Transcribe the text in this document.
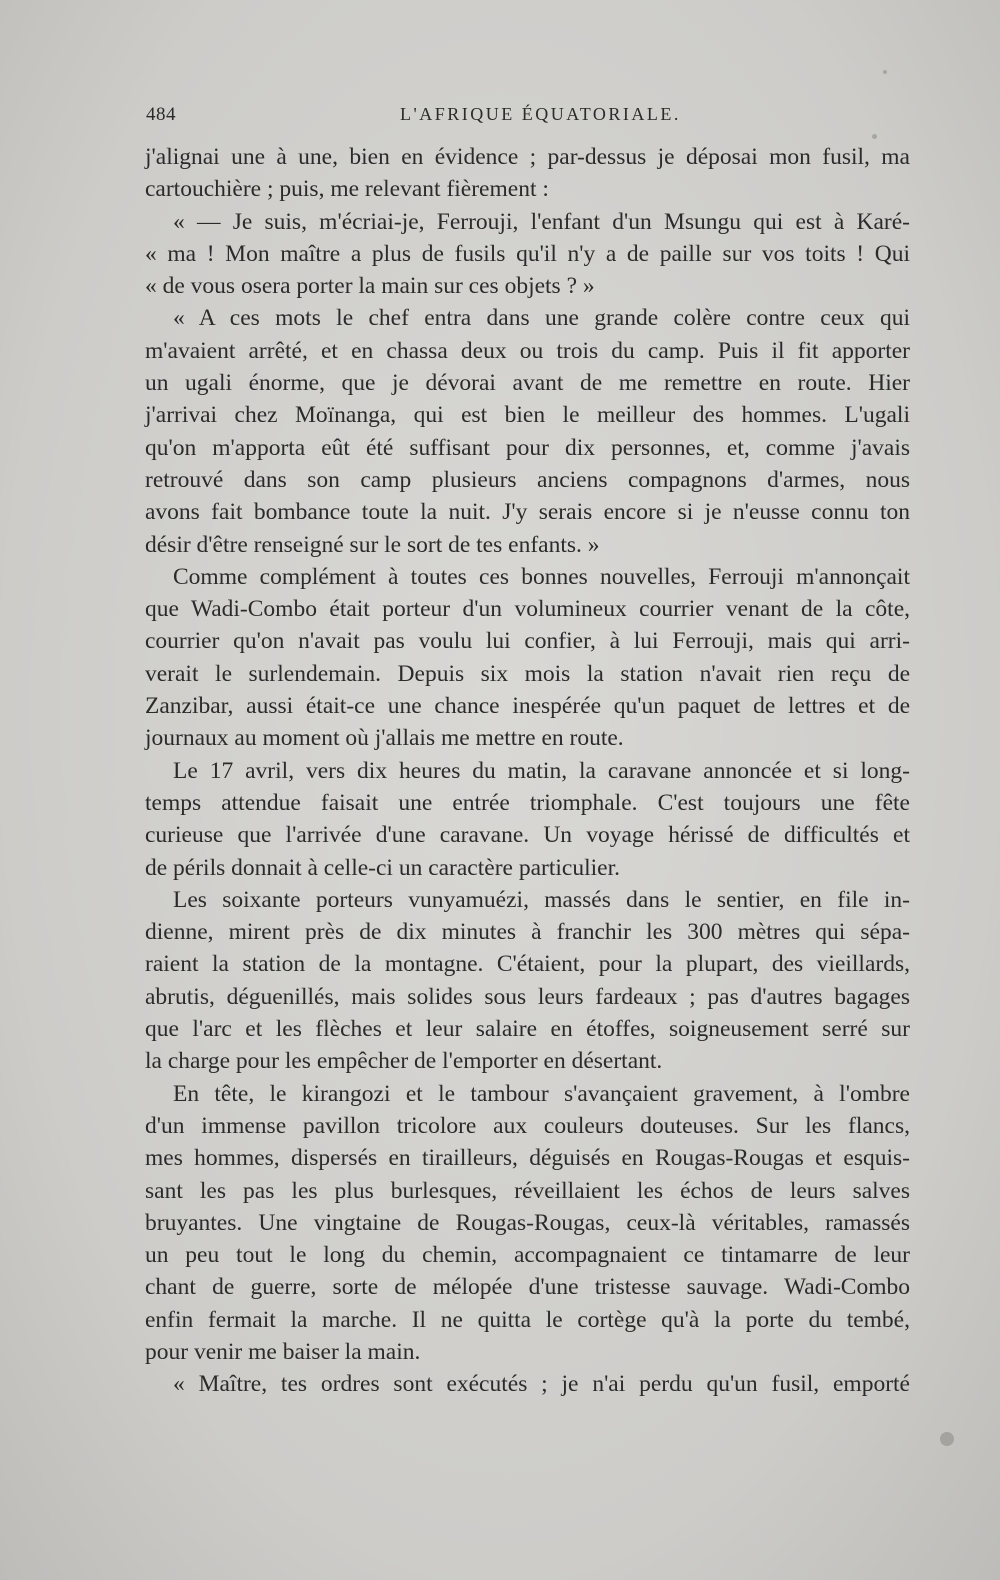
484	L'AFRIQUE ÉQUATORIALE.
j'alignai une à une, bien en évidence ; par-dessus je déposai mon fusil, ma
cartouchière ; puis, me relevant fièrement :
« — Je suis, m'écriai-je, Ferrouji, l'enfant d'un Msungu qui est à Karé-
« ma ! Mon maître a plus de fusils qu'il n'y a de paille sur vos toits ! Qui
« de vous osera porter la main sur ces objets ? »
« A ces mots le chef entra dans une grande colère contre ceux qui
m'avaient arrêté, et en chassa deux ou trois du camp. Puis il fit apporter
un ugali énorme, que je dévorai avant de me remettre en route. Hier
j'arrivai chez Moïnanga, qui est bien le meilleur des hommes. L'ugali
qu'on m'apporta eût été suffisant pour dix personnes, et, comme j'avais
retrouvé dans son camp plusieurs anciens compagnons d'armes, nous
avons fait bombance toute la nuit. J'y serais encore si je n'eusse connu ton
désir d'être renseigné sur le sort de tes enfants. »
Comme complément à toutes ces bonnes nouvelles, Ferrouji m'annonçait
que Wadi-Combo était porteur d'un volumineux courrier venant de la côte,
courrier qu'on n'avait pas voulu lui confier, à lui Ferrouji, mais qui arri-
verait le surlendemain. Depuis six mois la station n'avait rien reçu de
Zanzibar, aussi était-ce une chance inespérée qu'un paquet de lettres et de
journaux au moment où j'allais me mettre en route.
Le 17 avril, vers dix heures du matin, la caravane annoncée et si long-
temps attendue faisait une entrée triomphale. C'est toujours une fête
curieuse que l'arrivée d'une caravane. Un voyage hérissé de difficultés et
de périls donnait à celle-ci un caractère particulier.
Les soixante porteurs vunyamuézi, massés dans le sentier, en file in-
dienne, mirent près de dix minutes à franchir les 300 mètres qui sépa-
raient la station de la montagne. C'étaient, pour la plupart, des vieillards,
abrutis, déguenillés, mais solides sous leurs fardeaux ; pas d'autres bagages
que l'arc et les flèches et leur salaire en étoffes, soigneusement serré sur
la charge pour les empêcher de l'emporter en désertant.
En tête, le kirangozi et le tambour s'avançaient gravement, à l'ombre
d'un immense pavillon tricolore aux couleurs douteuses. Sur les flancs,
mes hommes, dispersés en tirailleurs, déguisés en Rougas-Rougas et esquis-
sant les pas les plus burlesques, réveillaient les échos de leurs salves
bruyantes. Une vingtaine de Rougas-Rougas, ceux-là véritables, ramassés
un peu tout le long du chemin, accompagnaient ce tintamarre de leur
chant de guerre, sorte de mélopée d'une tristesse sauvage. Wadi-Combo
enfin fermait la marche. Il ne quitta le cortège qu'à la porte du tembé,
pour venir me baiser la main.
« Maître, tes ordres sont exécutés ; je n'ai perdu qu'un fusil, emporté
